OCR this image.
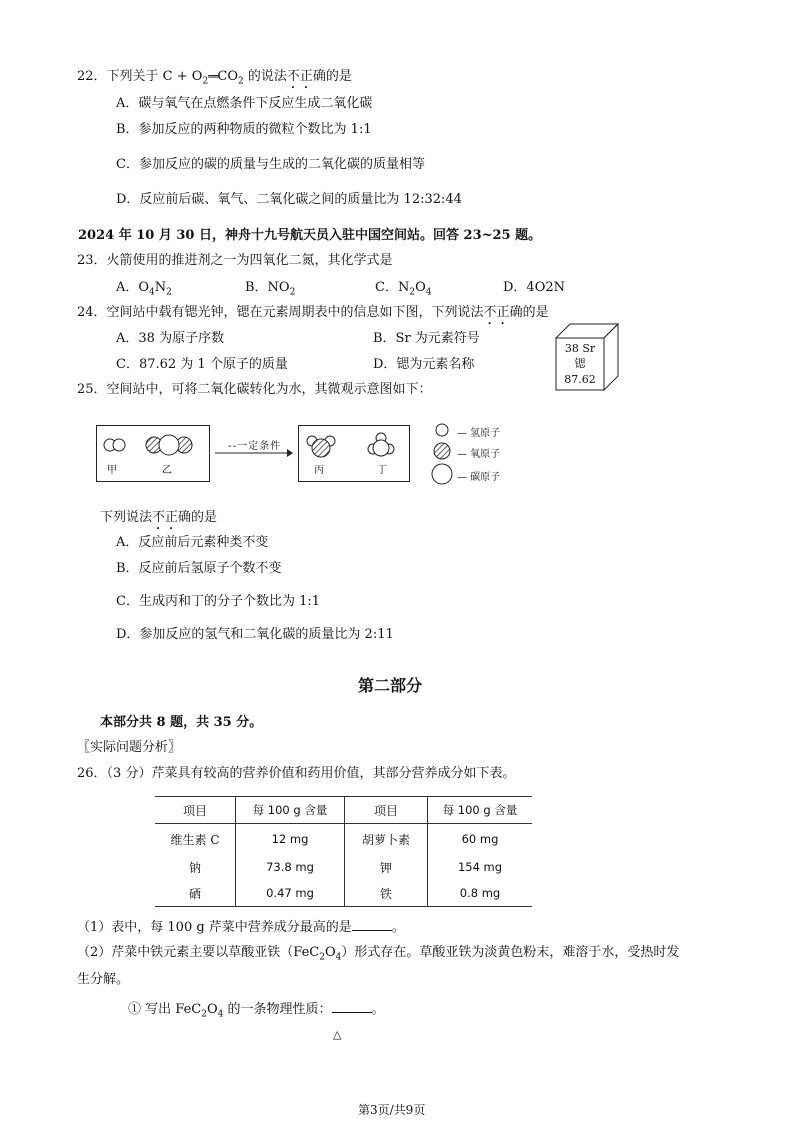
22．下列关于 $C + O_2══CO_2$ 的说法不正确的是
A．碳与氧气在点燃条件下反应生成二氧化碳
B．参加反应的两种物质的微粒个数比为 1:1
C．参加反应的碳的质量与生成的二氧化碳的质量相等
D．反应前后碳、氧气、二氧化碳之间的质量比为 12:32:44
2024 年 10 月 30 日，神舟十九号航天员入驻中国空间站。回答 23~25 题。
23．火箭使用的推进剂之一为四氧化二氮，其化学式是
A．$O_4N_2$	B．$NO_2$	C．$N_2O_4$	D．4O2N
24．空间站中载有锶光钟，锶在元素周期表中的信息如下图，下列说法不正确的是
A．38 为原子序数	B．Sr 为元素符号
C．87.62 为 1 个原子的质量	D．锶为元素名称
38 Sr
锶
87.62
25．空间站中，可将二氧化碳转化为水，其微观示意图如下：
甲	乙
--一定条件
丙	丁
— 氢原子
— 氧原子
— 碳原子
下列说法不正确的是
A．反应前后元素种类不变
B．反应前后氢原子个数不变
C．生成丙和丁的分子个数比为 1:1
D．参加反应的氢气和二氧化碳的质量比为 2:11
第二部分
本部分共 8 题，共 35 分。
〖实际问题分析〗
26．（3 分）芹菜具有较高的营养价值和药用价值，其部分营养成分如下表。
项目	每 100 g 含量	项目	每 100 g 含量
维生素 C	12 mg	胡萝卜素	60 mg
钠	73.8 mg	钾	154 mg
硒	0.47 mg	铁	0.8 mg
（1）表中，每 100 g 芹菜中营养成分最高的是	。
（2）芹菜中铁元素主要以草酸亚铁$(FeC_2O_4)$形式存在。草酸亚铁为淡黄色粉末，难溶于水，受热时发
生分解。
① 写出 $FeC_2O_4$ 的一条物理性质：	。
△
第3页/共9页
